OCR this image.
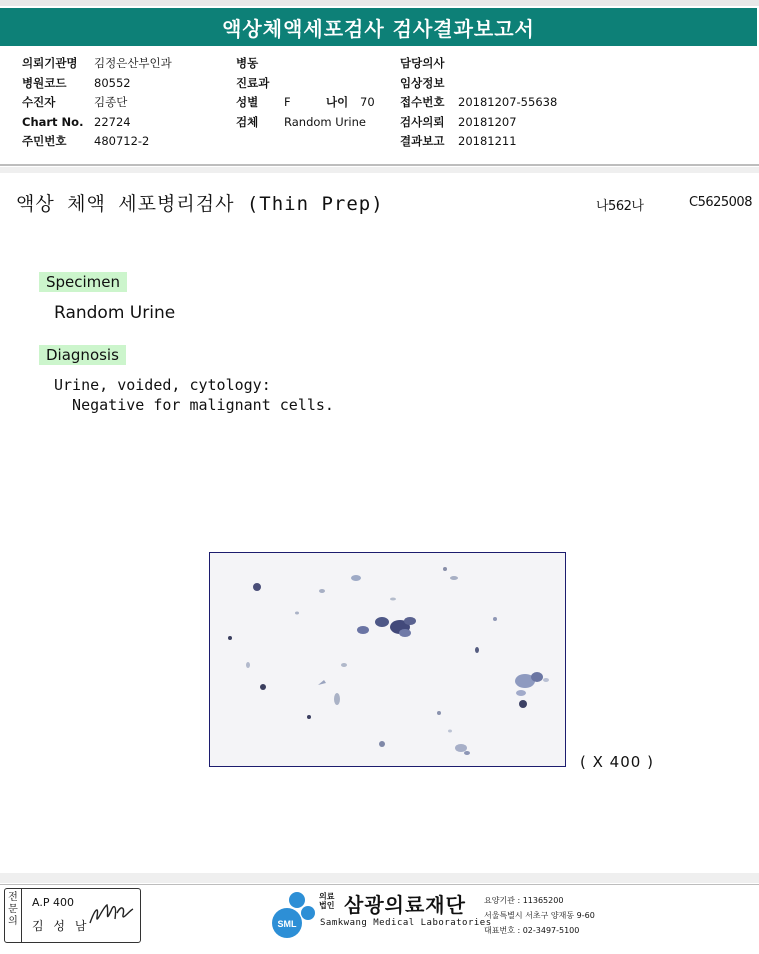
액상체액세포검사 검사결과보고서
의뢰기관명 김정은산부인과
병원코드 80552
수진자	김종단
Chart No. 22724
주민번호 480712-2
병동
진료과
성별 F	나이 70
검체 Random Urine
담당의사
임상정보
접수번호 20181207-55638
검사의뢰 20181207
결과보고 20181211
액상 체액 세포병리검사 (Thin Prep)	나562나	C5625008
Specimen
Random Urine
Diagnosis
Urine, voided, cytology:
Negative for malignant cells.
( X 400 )
전문의
A.P 400
김 성 남	SML
의료
법인 삼광의료재단
Samkwang Medical Laboratories
요양기관 : 11365200
서울특별시 서초구 양재동 9-60
대표번호 : 02-3497-5100
